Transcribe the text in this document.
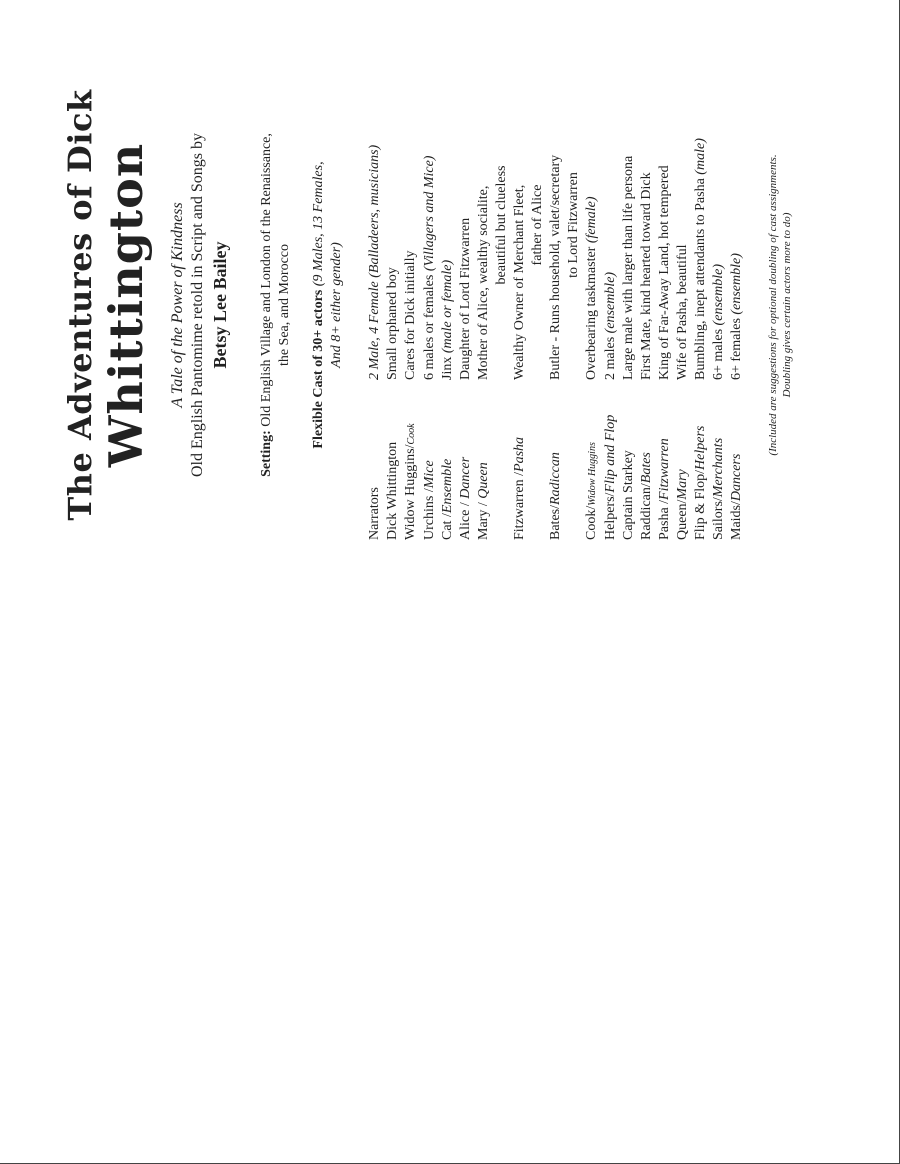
The Adventures of Dick Whittington A Tale of the Power of Kindness Old English Pantomime retold in Script and Songs by Betsy Lee Bailey
Setting: Old English Village and London of the Renaissance, the Sea, and Morocco Flexible Cast of 30+ actors (9 Males, 13 Females,
And 8+ either gender)
Narrators
2 Male, 4 Female (Balladeers, musicians)
Dick Whittington
Small orphaned boy
Widow Huggins/Cook
Cares for Dick initially
Urchins /Mice
6 males or females (Villagers and Mice)
Cat /Ensemble
Jinx (male or female)
Alice / Dancer
Daughter of Lord Fitzwarren
Mary / Queen
Mother of Alice, wealthy socialite, beautiful but clueless
Fitzwarren /Pasha
Wealthy Owner of Merchant Fleet, father of Alice
Bates/Radiccan
Butler - Runs household, valet/secretary to Lord Fitzwarren
Cook/Widow Huggins
Overbearing taskmaster (female)
Helpers/Flip and Flop
2 males (ensemble)
Captain Starkey
Large male with larger than life persona
Raddican/Bates
First Mate, kind hearted toward Dick
Pasha /Fitzwarren
King of Far-Away Land, hot tempered
Queen/Mary
Wife of Pasha, beautiful
Flip & Flop/Helpers
Bumbling, inept attendants to Pasha (male)
Sailors/Merchants
6+ males (ensemble)
Maids/Dancers
6+ females (ensemble) (Included are suggestions for optional doubling of cast assignments. Doubling gives certain actors more to do)
